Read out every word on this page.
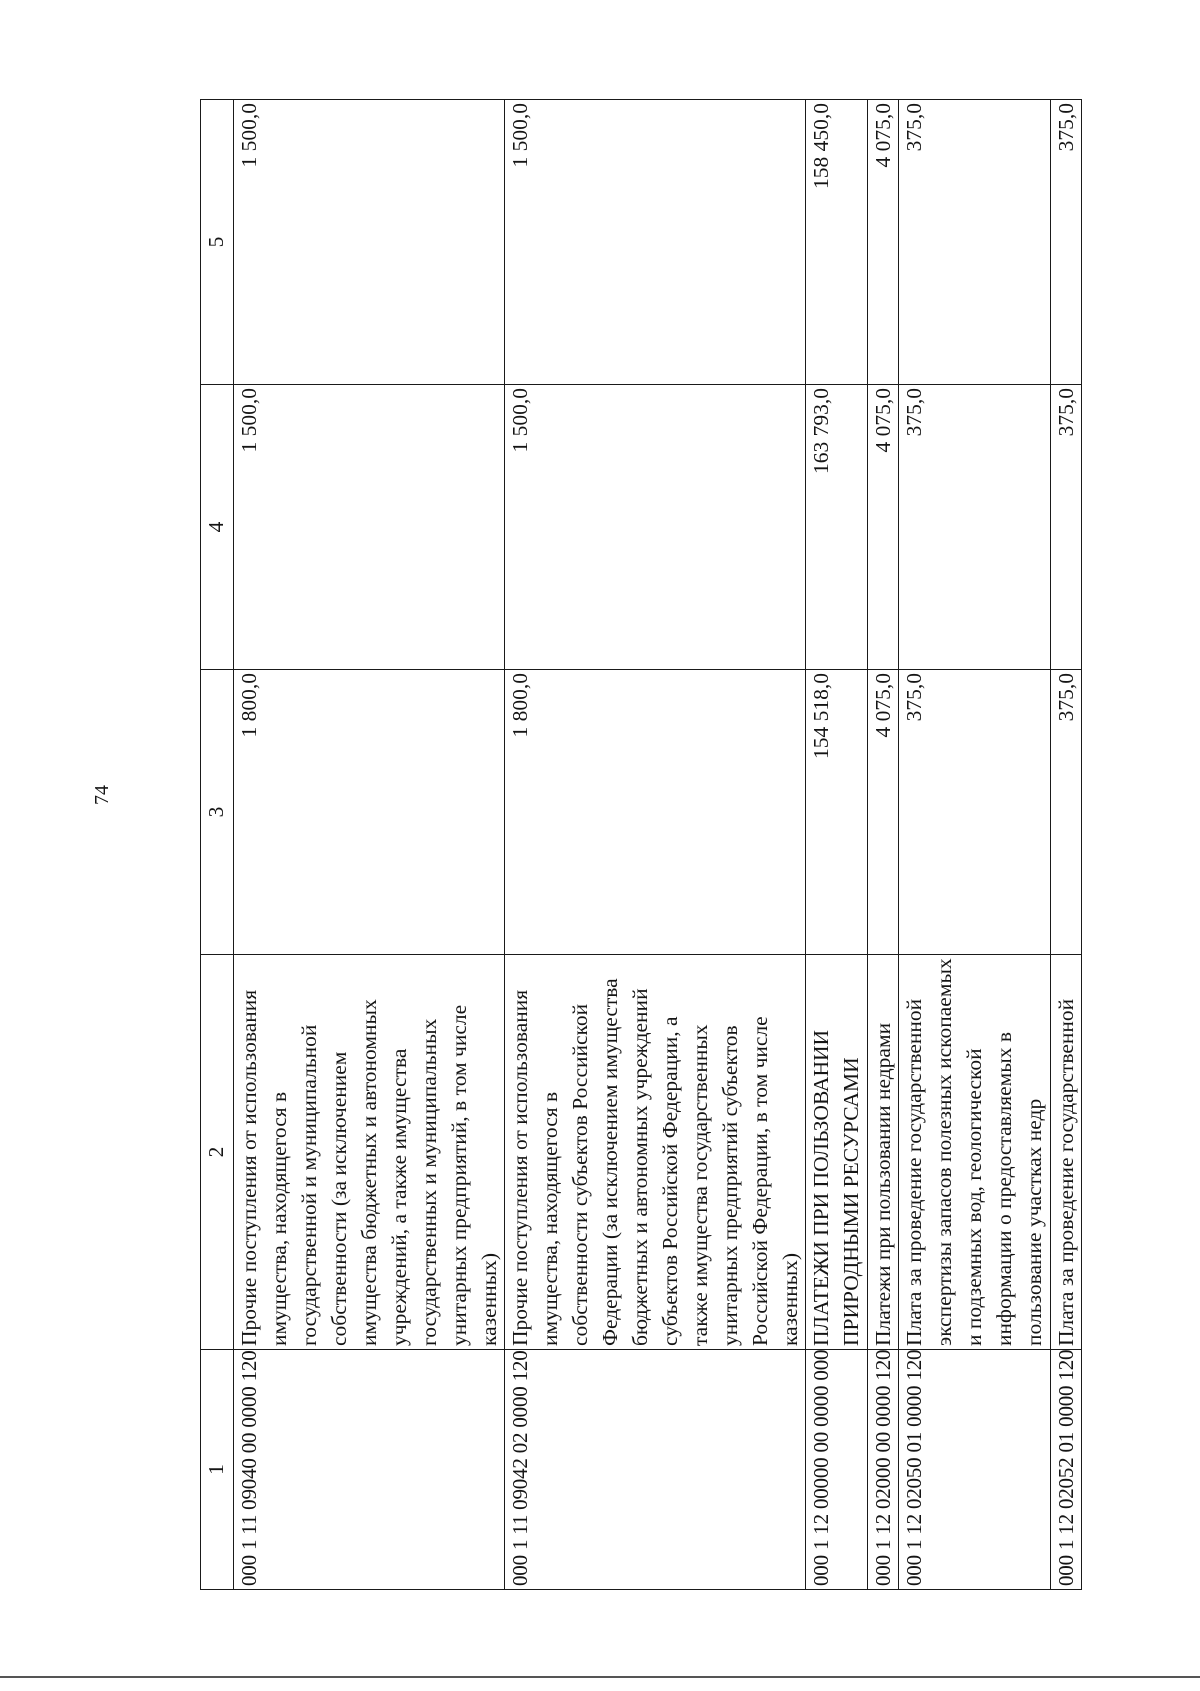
74
1	2	3	4	5
000 1 11 09040 00 0000 120	Прочие поступления от использования имущества, находящегося в государственной и муниципальной собственности (за исключением имущества бюджетных и автономных учреждений, а также имущества государственных и муниципальных унитарных предприятий, в том числе казенных)	1 800,0	1 500,0	1 500,0
000 1 11 09042 02 0000 120	Прочие поступления от использования имущества, находящегося в собственности субъектов Российской Федерации (за исключением имущества бюджетных и автономных учреждений субъектов Российской Федерации, а также имущества государственных унитарных предприятий субъектов Российской Федерации, в том числе казенных)	1 800,0	1 500,0	1 500,0
000 1 12 00000 00 0000 000	ПЛАТЕЖИ ПРИ ПОЛЬЗОВАНИИ ПРИРОДНЫМИ РЕСУРСАМИ	154 518,0	163 793,0	158 450,0
000 1 12 02000 00 0000 120	Платежи при пользовании недрами	4 075,0	4 075,0	4 075,0
000 1 12 02050 01 0000 120	Плата за проведение государственной экспертизы запасов полезных ископаемых и подземных вод, геологической информации о предоставляемых в пользование участках недр	375,0	375,0	375,0
000 1 12 02052 01 0000 120	Плата за проведение государственной	375,0	375,0	375,0
